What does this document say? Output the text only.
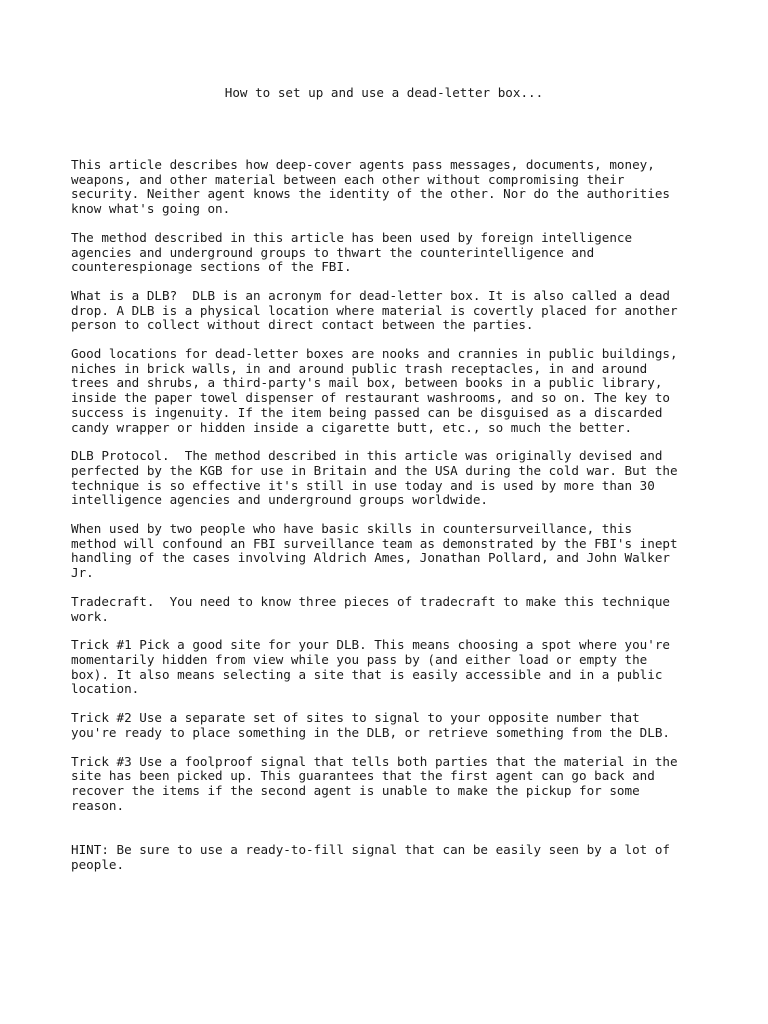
How to set up and use a dead-letter box...

This article describes how deep-cover agents pass messages, documents, money,
weapons, and other material between each other without compromising their
security. Neither agent knows the identity of the other. Nor do the authorities
know what's going on.

The method described in this article has been used by foreign intelligence
agencies and underground groups to thwart the counterintelligence and
counterespionage sections of the FBI.

What is a DLB?  DLB is an acronym for dead-letter box. It is also called a dead
drop. A DLB is a physical location where material is covertly placed for another
person to collect without direct contact between the parties.

Good locations for dead-letter boxes are nooks and crannies in public buildings,
niches in brick walls, in and around public trash receptacles, in and around
trees and shrubs, a third-party's mail box, between books in a public library,
inside the paper towel dispenser of restaurant washrooms, and so on. The key to
success is ingenuity. If the item being passed can be disguised as a discarded
candy wrapper or hidden inside a cigarette butt, etc., so much the better.

DLB Protocol.  The method described in this article was originally devised and
perfected by the KGB for use in Britain and the USA during the cold war. But the
technique is so effective it's still in use today and is used by more than 30
intelligence agencies and underground groups worldwide.

When used by two people who have basic skills in countersurveillance, this
method will confound an FBI surveillance team as demonstrated by the FBI's inept
handling of the cases involving Aldrich Ames, Jonathan Pollard, and John Walker
Jr.

Tradecraft.  You need to know three pieces of tradecraft to make this technique
work.

Trick #1 Pick a good site for your DLB. This means choosing a spot where you're
momentarily hidden from view while you pass by (and either load or empty the
box). It also means selecting a site that is easily accessible and in a public
location.

Trick #2 Use a separate set of sites to signal to your opposite number that
you're ready to place something in the DLB, or retrieve something from the DLB.

Trick #3 Use a foolproof signal that tells both parties that the material in the
site has been picked up. This guarantees that the first agent can go back and
recover the items if the second agent is unable to make the pickup for some
reason.

HINT: Be sure to use a ready-to-fill signal that can be easily seen by a lot of
people.
